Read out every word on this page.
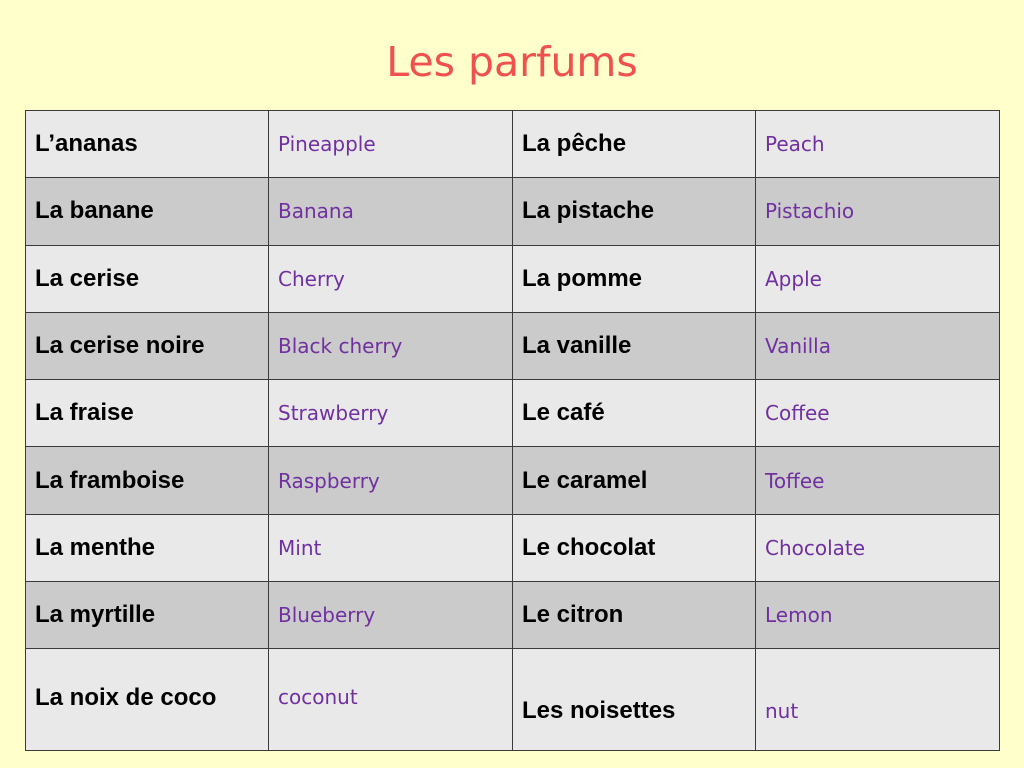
Les parfums
L’ananas	Pineapple	La pêche	Peach
La banane	Banana	La pistache	Pistachio
La cerise	Cherry	La pomme	Apple
La cerise noire	Black cherry	La vanille	Vanilla
La fraise	Strawberry	Le café	Coffee
La framboise	Raspberry	Le caramel	Toffee
La menthe	Mint	Le chocolat	Chocolate
La myrtille	Blueberry	Le citron	Lemon
La noix de coco	coconut	Les noisettes	nut
